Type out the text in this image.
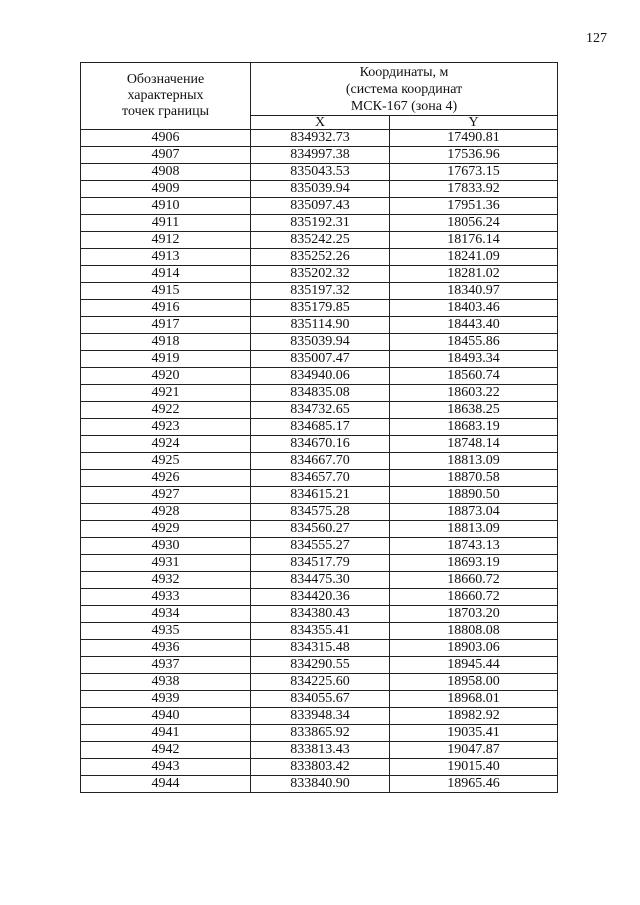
127
Обозначение
характерных
точек границы	Координаты, м
(система координат
МСК-167 (зона 4)	

	X	Y
4906	834932.73	17490.81
4907	834997.38	17536.96
4908	835043.53	17673.15
4909	835039.94	17833.92
4910	835097.43	17951.36
4911	835192.31	18056.24
4912	835242.25	18176.14
4913	835252.26	18241.09
4914	835202.32	18281.02
4915	835197.32	18340.97
4916	835179.85	18403.46
4917	835114.90	18443.40
4918	835039.94	18455.86
4919	835007.47	18493.34
4920	834940.06	18560.74
4921	834835.08	18603.22
4922	834732.65	18638.25
4923	834685.17	18683.19
4924	834670.16	18748.14
4925	834667.70	18813.09
4926	834657.70	18870.58
4927	834615.21	18890.50
4928	834575.28	18873.04
4929	834560.27	18813.09
4930	834555.27	18743.13
4931	834517.79	18693.19
4932	834475.30	18660.72
4933	834420.36	18660.72
4934	834380.43	18703.20
4935	834355.41	18808.08
4936	834315.48	18903.06
4937	834290.55	18945.44
4938	834225.60	18958.00
4939	834055.67	18968.01
4940	833948.34	18982.92
4941	833865.92	19035.41
4942	833813.43	19047.87
4943	833803.42	19015.40
4944	833840.90	18965.46
